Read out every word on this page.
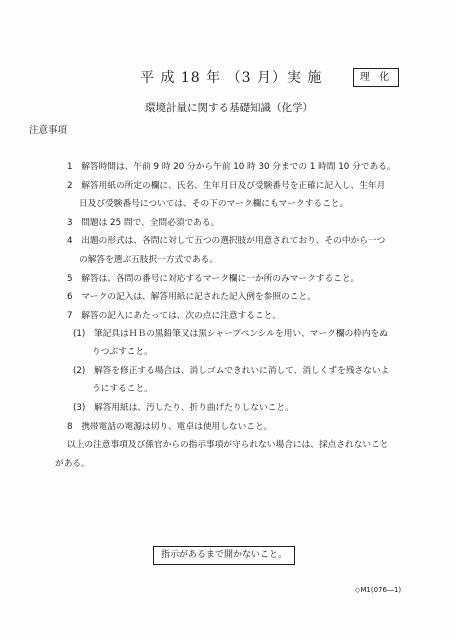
平 成 18 年 （3 月）実 施	理 化
環境計量に関する基礎知識（化学）
注意事項
1　解答時間は、午前 9 時 20 分から午前 10 時 30 分までの 1 時間 10 分である。
2　解答用紙の所定の欄に、氏名、生年月日及び受験番号を正確に記入し、生年月
日及び受験番号については、その下のマーク欄にもマークすること。
3　問題は 25 問で、全問必須である。
4　出題の形式は、各問に対して五つの選択肢が用意されており、その中から一つ
の解答を選ぶ五肢択一方式である。
5　解答は、各問の番号に対応するマーク欄に一か所のみマークすること。
6　マークの記入は、解答用紙に記された記入例を参照のこと。
7　解答の記入にあたっては、次の点に注意すること。
(1)　筆記具はＨＢの黒鉛筆又は黒シャープペンシルを用い、マーク欄の枠内をぬ
りつぶすこと。
(2)　解答を修正する場合は、消しゴムできれいに消して、消しくずを残さないよ
うにすること。
(3)　解答用紙は、汚したり、折り曲げたりしないこと。
8　携帯電話の電源は切り、電卓は使用しないこと。
以上の注意事項及び係官からの指示事項が守られない場合には、採点されないこと
がある。
指示があるまで開かないこと。
◇M1(076―1)
